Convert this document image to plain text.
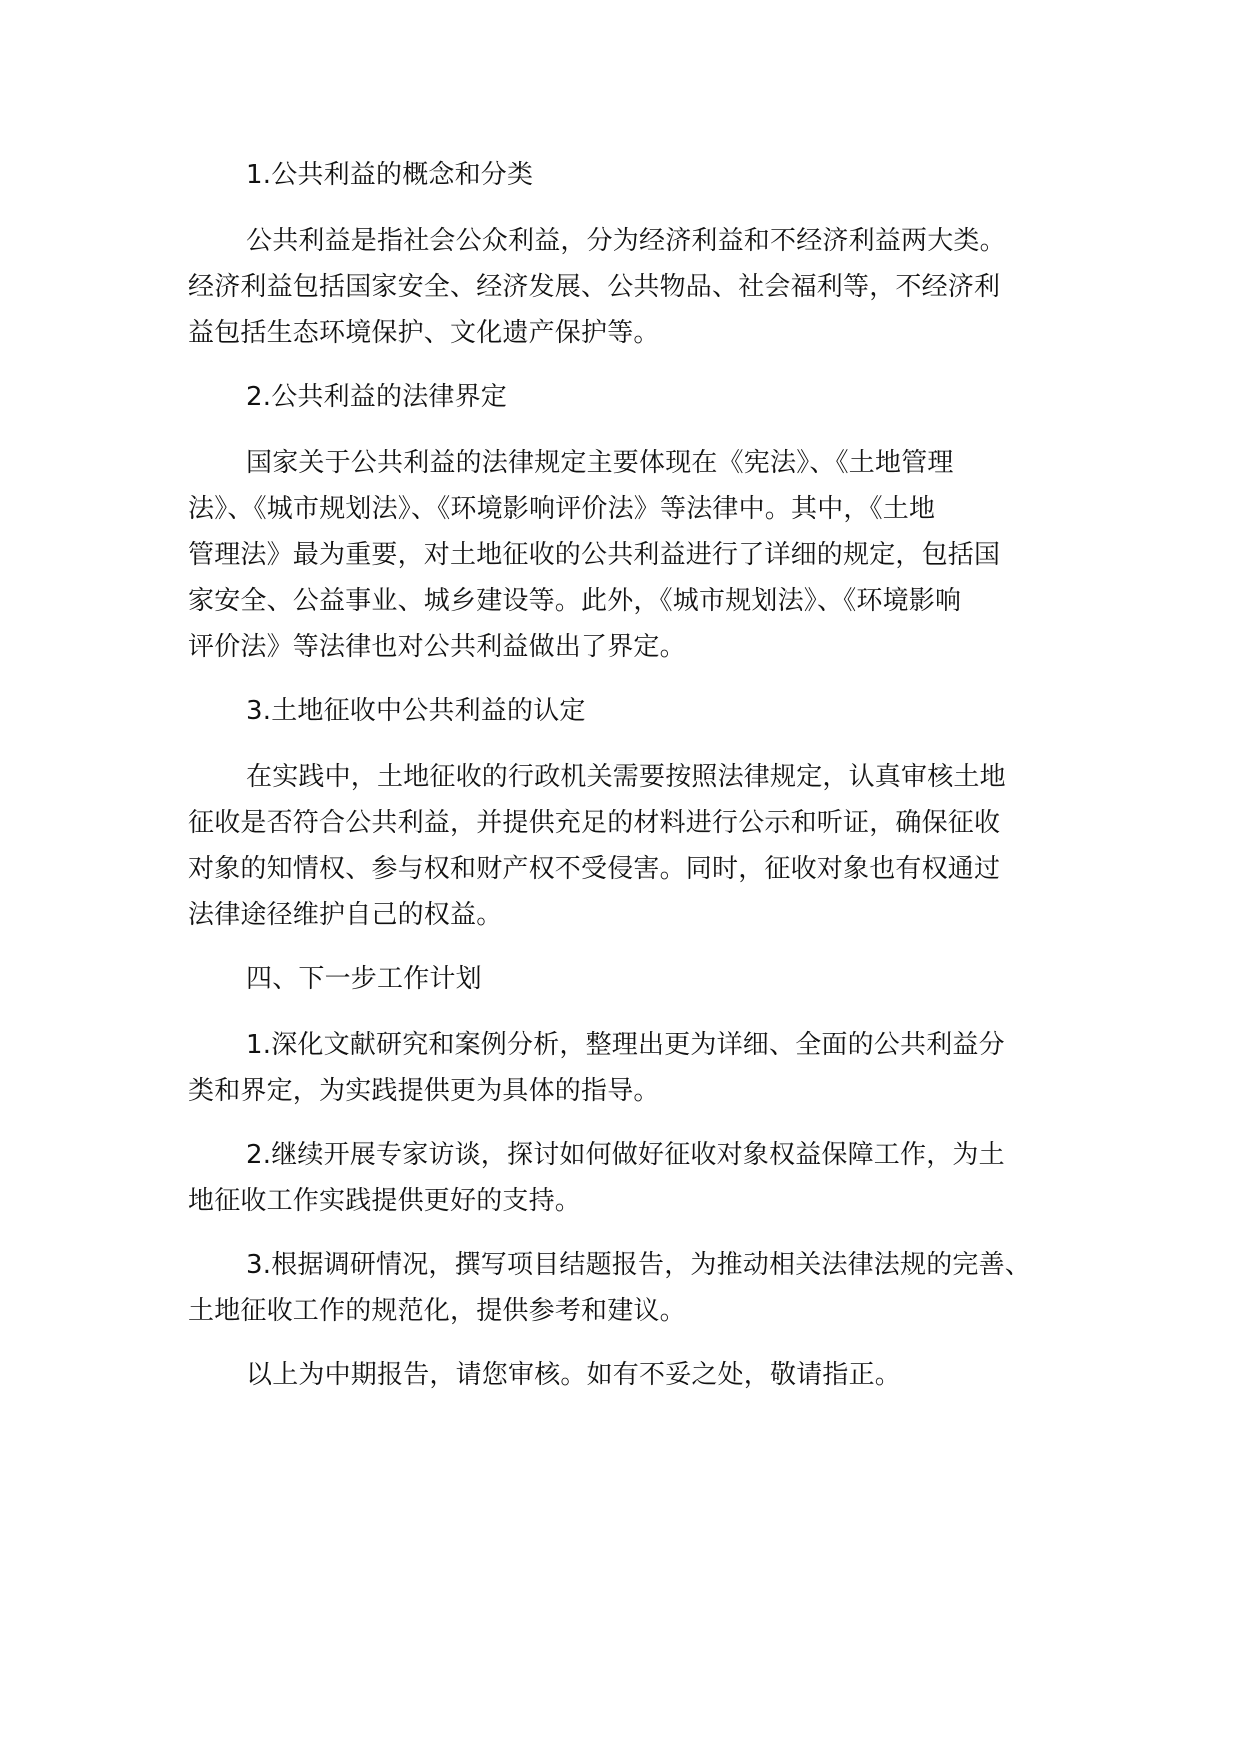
1.公共利益的概念和分类

公共利益是指社会公众利益，分为经济利益和不经济利益两大类。
经济利益包括国家安全、经济发展、公共物品、社会福利等，不经济利
益包括生态环境保护、文化遗产保护等。

2.公共利益的法律界定

国家关于公共利益的法律规定主要体现在《宪法》、《土地管理
法》、《城市规划法》、《环境影响评价法》等法律中。其中，《土地
管理法》最为重要，对土地征收的公共利益进行了详细的规定，包括国
家安全、公益事业、城乡建设等。此外，《城市规划法》、《环境影响
评价法》等法律也对公共利益做出了界定。

3.土地征收中公共利益的认定

在实践中，土地征收的行政机关需要按照法律规定，认真审核土地
征收是否符合公共利益，并提供充足的材料进行公示和听证，确保征收
对象的知情权、参与权和财产权不受侵害。同时，征收对象也有权通过
法律途径维护自己的权益。

四、下一步工作计划

1.深化文献研究和案例分析，整理出更为详细、全面的公共利益分
类和界定，为实践提供更为具体的指导。

2.继续开展专家访谈，探讨如何做好征收对象权益保障工作，为土
地征收工作实践提供更好的支持。

3.根据调研情况，撰写项目结题报告，为推动相关法律法规的完善、
土地征收工作的规范化，提供参考和建议。

以上为中期报告，请您审核。如有不妥之处，敬请指正。
